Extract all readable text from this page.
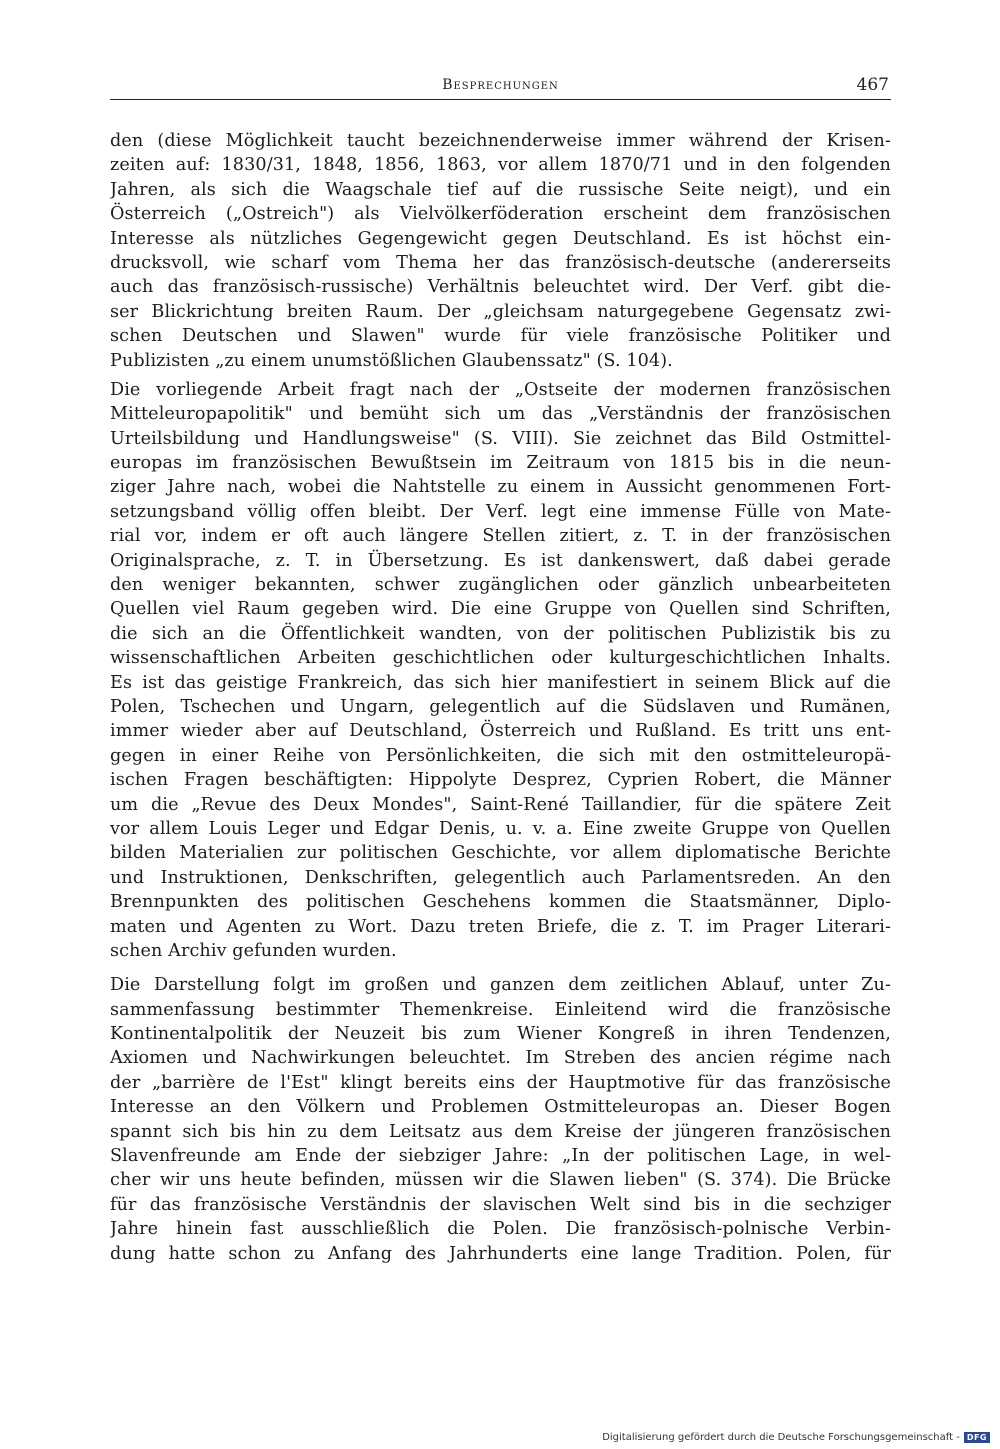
Besprechungen	467
den (diese Möglichkeit taucht bezeichnenderweise immer während der Krisen-
zeiten auf: 1830/31, 1848, 1856, 1863, vor allem 1870/71 und in den folgenden
Jahren, als sich die Waagschale tief auf die russische Seite neigt), und ein
Österreich („Ostreich") als Vielvölkerföderation erscheint dem französischen
Interesse als nützliches Gegengewicht gegen Deutschland. Es ist höchst ein-
drucksvoll, wie scharf vom Thema her das französisch-deutsche (andererseits
auch das französisch-russische) Verhältnis beleuchtet wird. Der Verf. gibt die-
ser Blickrichtung breiten Raum. Der „gleichsam naturgegebene Gegensatz zwi-
schen Deutschen und Slawen" wurde für viele französische Politiker und
Publizisten „zu einem unumstößlichen Glaubenssatz" (S. 104).
Die vorliegende Arbeit fragt nach der „Ostseite der modernen französischen
Mitteleuropapolitik" und bemüht sich um das „Verständnis der französischen
Urteilsbildung und Handlungsweise" (S. VIII). Sie zeichnet das Bild Ostmittel-
europas im französischen Bewußtsein im Zeitraum von 1815 bis in die neun-
ziger Jahre nach, wobei die Nahtstelle zu einem in Aussicht genommenen Fort-
setzungsband völlig offen bleibt. Der Verf. legt eine immense Fülle von Mate-
rial vor, indem er oft auch längere Stellen zitiert, z. T. in der französischen
Originalsprache, z. T. in Übersetzung. Es ist dankenswert, daß dabei gerade
den weniger bekannten, schwer zugänglichen oder gänzlich unbearbeiteten
Quellen viel Raum gegeben wird. Die eine Gruppe von Quellen sind Schriften,
die sich an die Öffentlichkeit wandten, von der politischen Publizistik bis zu
wissenschaftlichen Arbeiten geschichtlichen oder kulturgeschichtlichen Inhalts.
Es ist das geistige Frankreich, das sich hier manifestiert in seinem Blick auf die
Polen, Tschechen und Ungarn, gelegentlich auf die Südslaven und Rumänen,
immer wieder aber auf Deutschland, Österreich und Rußland. Es tritt uns ent-
gegen in einer Reihe von Persönlichkeiten, die sich mit den ostmitteleuropä-
ischen Fragen beschäftigten: Hippolyte Desprez, Cyprien Robert, die Männer
um die „Revue des Deux Mondes", Saint-René Taillandier, für die spätere Zeit
vor allem Louis Leger und Edgar Denis, u. v. a. Eine zweite Gruppe von Quellen
bilden Materialien zur politischen Geschichte, vor allem diplomatische Berichte
und Instruktionen, Denkschriften, gelegentlich auch Parlamentsreden. An den
Brennpunkten des politischen Geschehens kommen die Staatsmänner, Diplo-
maten und Agenten zu Wort. Dazu treten Briefe, die z. T. im Prager Literari-
schen Archiv gefunden wurden.
Die Darstellung folgt im großen und ganzen dem zeitlichen Ablauf, unter Zu-
sammenfassung bestimmter Themenkreise. Einleitend wird die französische
Kontinentalpolitik der Neuzeit bis zum Wiener Kongreß in ihren Tendenzen,
Axiomen und Nachwirkungen beleuchtet. Im Streben des ancien régime nach
der „barrière de l'Est" klingt bereits eins der Hauptmotive für das französische
Interesse an den Völkern und Problemen Ostmitteleuropas an. Dieser Bogen
spannt sich bis hin zu dem Leitsatz aus dem Kreise der jüngeren französischen
Slavenfreunde am Ende der siebziger Jahre: „In der politischen Lage, in wel-
cher wir uns heute befinden, müssen wir die Slawen lieben" (S. 374). Die Brücke
für das französische Verständnis der slavischen Welt sind bis in die sechziger
Jahre hinein fast ausschließlich die Polen. Die französisch-polnische Verbin-
dung hatte schon zu Anfang des Jahrhunderts eine lange Tradition. Polen, für
Digitalisierung gefördert durch die Deutsche Forschungsgemeinschaft - DFG
